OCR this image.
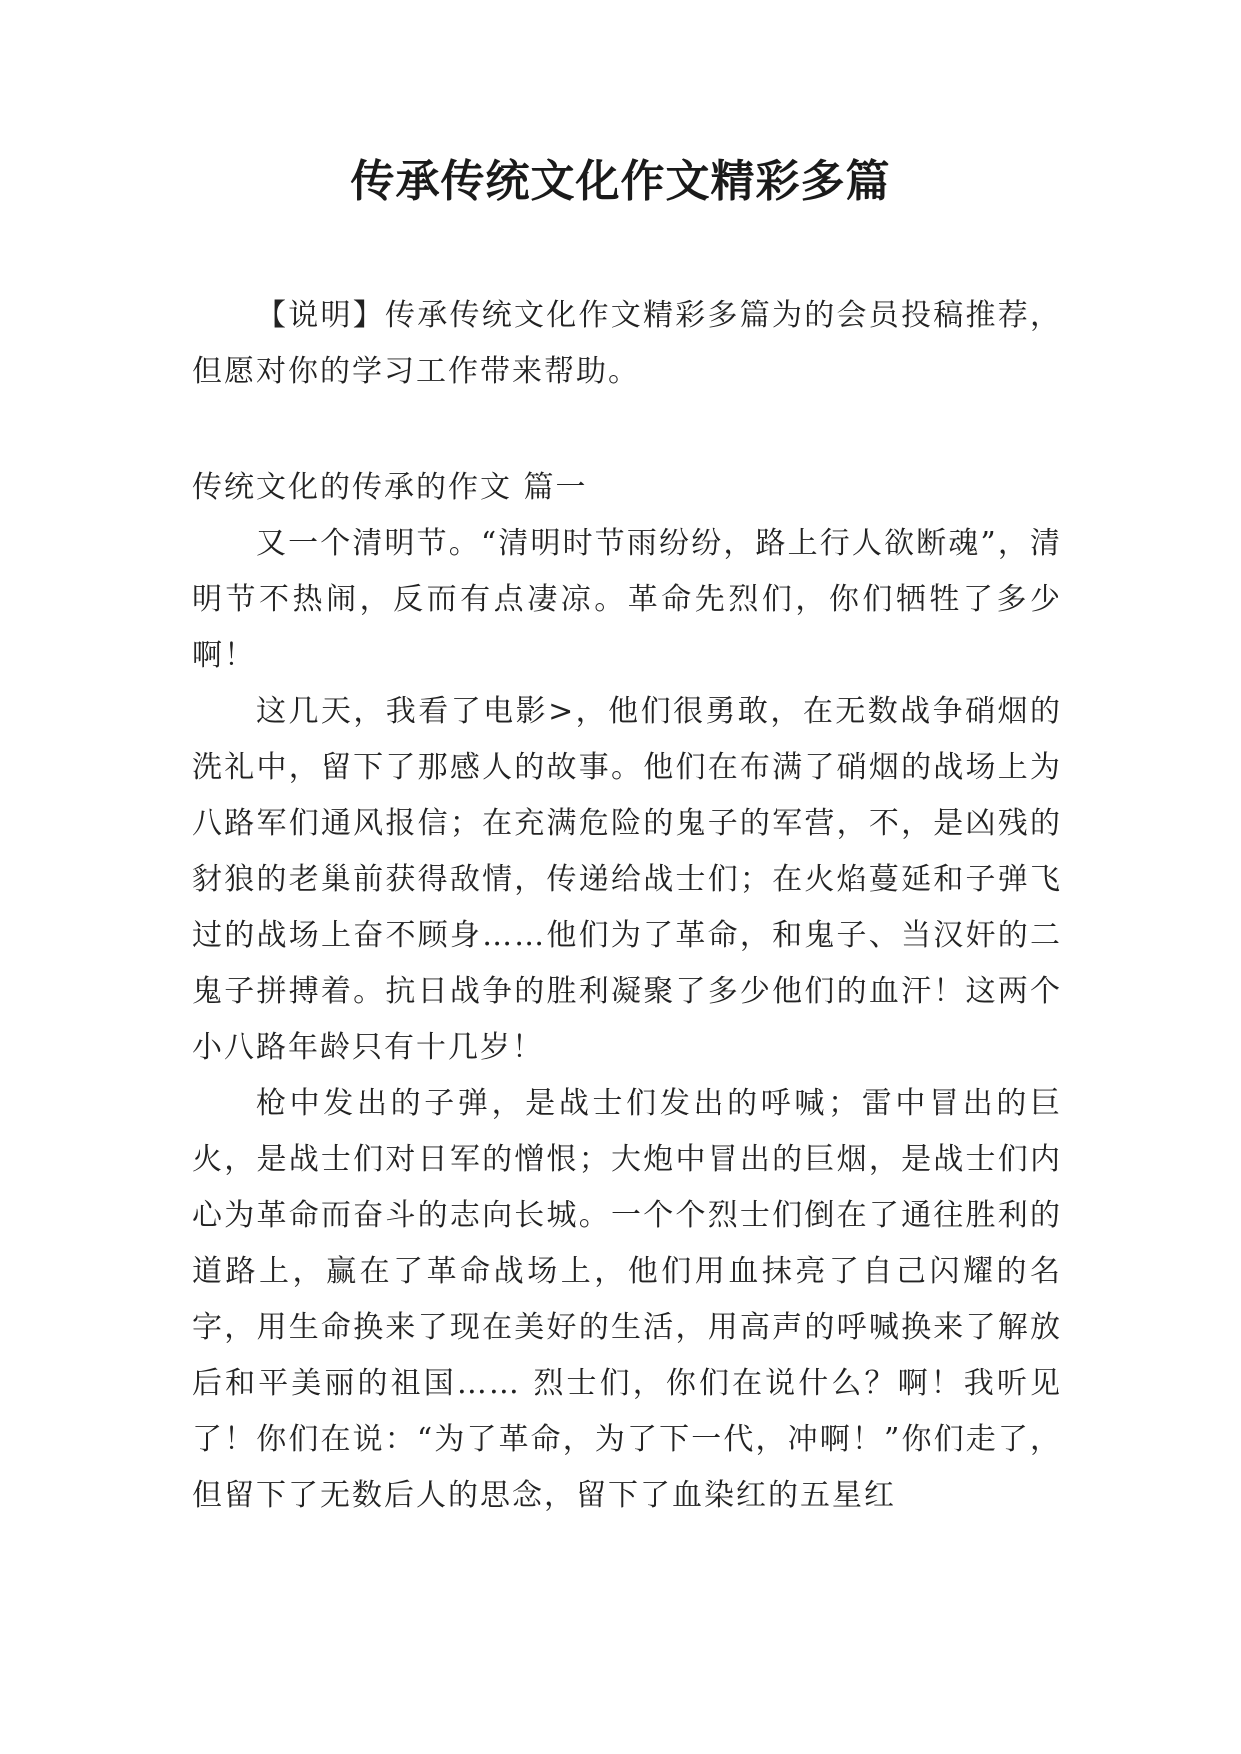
传承传统文化作文精彩多篇

【说明】传承传统文化作文精彩多篇为的会员投稿推荐，但愿对你的学习工作带来帮助。

传统文化的传承的作文 篇一

又一个清明节。“清明时节雨纷纷，路上行人欲断魂”，清明节不热闹，反而有点凄凉。革命先烈们，你们牺牲了多少啊！

这几天，我看了电影>，他们很勇敢，在无数战争硝烟的洗礼中，留下了那感人的故事。他们在布满了硝烟的战场上为八路军们通风报信；在充满危险的鬼子的军营，不，是凶残的豺狼的老巢前获得敌情，传递给战士们；在火焰蔓延和子弹飞过的战场上奋不顾身……他们为了革命，和鬼子、当汉奸的二鬼子拼搏着。抗日战争的胜利凝聚了多少他们的血汗！这两个小八路年龄只有十几岁！

枪中发出的子弹，是战士们发出的呼喊；雷中冒出的巨火，是战士们对日军的憎恨；大炮中冒出的巨烟，是战士们内心为革命而奋斗的志向长城。一个个烈士们倒在了通往胜利的道路上，赢在了革命战场上，他们用血抹亮了自己闪耀的名字，用生命换来了现在美好的生活，用高声的呼喊换来了解放后和平美丽的祖国…… 烈士们，你们在说什么？啊！我听见了！你们在说：“为了革命，为了下一代，冲啊！”你们走了，但留下了无数后人的思念，留下了血染红的五星红
